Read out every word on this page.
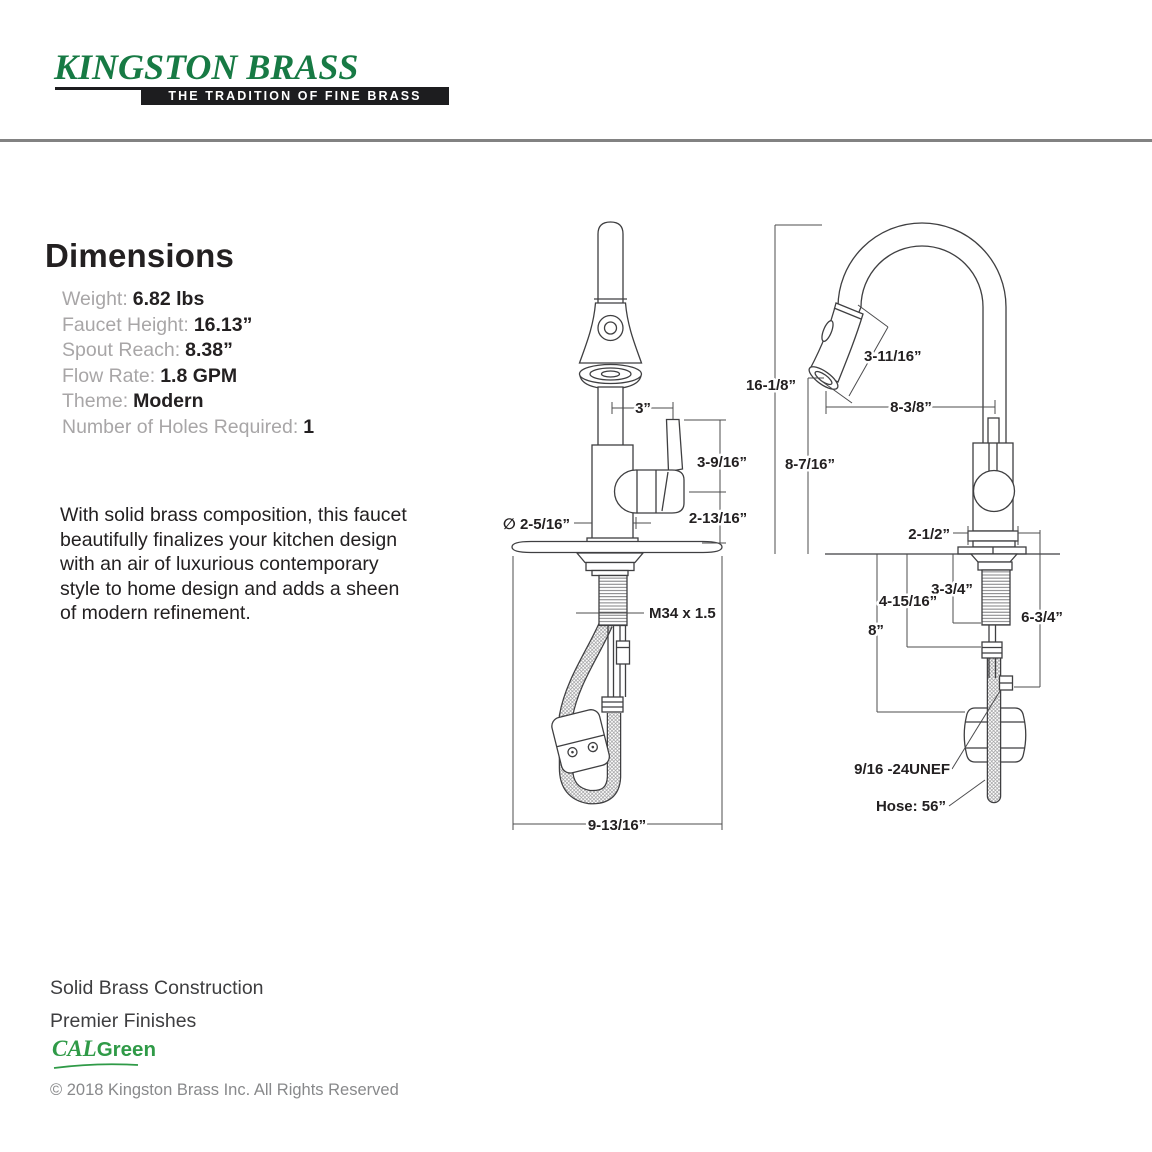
KINGSTON BRASS
THE TRADITION OF FINE BRASS
Dimensions
Weight: 6.82 lbs
Faucet Height: 16.13”
Spout Reach: 8.38”
Flow Rate: 1.8 GPM
Theme: Modern
Number of Holes Required: 1
With solid brass composition, this faucet beautifully finalizes your kitchen design with an air of luxurious contemporary style to home design and adds a sheen of modern refinement.
3”
3-9/16”
2-13/16”
∅ 2-5/16”
M34 x 1.5
9-13/16”
16-1/8”
3-11/16”
8-3/8”
8-7/16”
2-1/2”
3-3/4”
4-15/16”
8”
6-3/4”
9/16 -24UNEF
Hose: 56”
Solid Brass Construction
Premier Finishes
CALGreen
© 2018 Kingston Brass Inc. All Rights Reserved
